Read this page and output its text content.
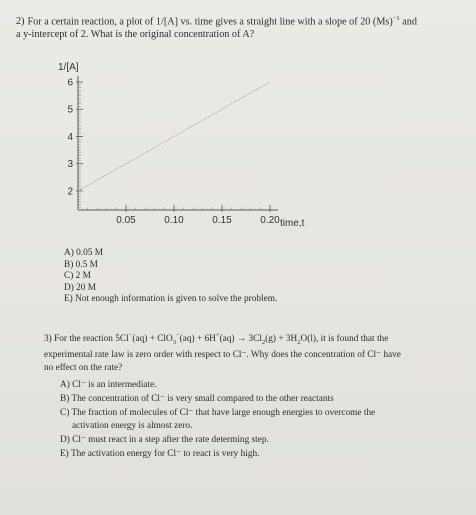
2) For a certain reaction, a plot of 1/[A] vs. time gives a straight line with a slope of 20 $(Ms)^{-1}$ and
a y-intercept of 2. What is the original concentration of A?
1/[A]
2
3
4
5
6
0.05	0.10	0.15	0.20 time,t
A) 0.05 M
B) 0.5 M
C) 2 M
D) 20 M
E) Not enough information is given to solve the problem.
3) For the reaction $5Cl^-(aq) + ClO_3^-(aq) + 6H^+(aq) \to 3Cl_2(g) + 3H_2O(l)$, it is found that the
experimental rate law is zero order with respect to Cl⁻. Why does the concentration of Cl⁻ have
no effect on the rate?
A) Cl⁻ is an intermediate.
B) The concentration of Cl⁻ is very small compared to the other reactants
C) The fraction of molecules of Cl⁻ that have large enough energies to overcome the
activation energy is almost zero.
D) Cl⁻ must react in a step after the rate determing step.
E) The activation energy for Cl⁻ to react is very high.
